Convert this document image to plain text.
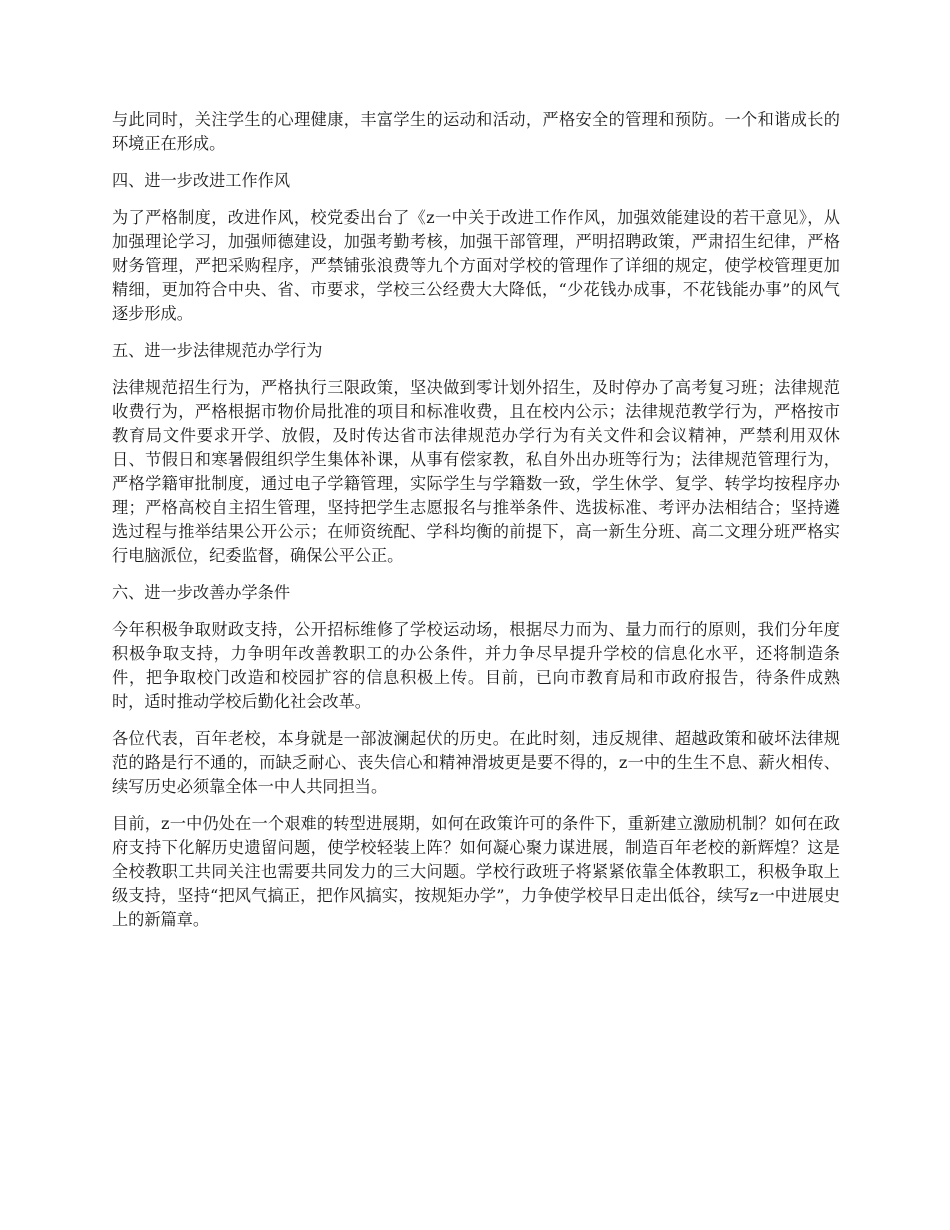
与此同时，关注学生的心理健康，丰富学生的运动和活动，严格安全的管理和预防。一个和谐成长的环境正在形成。

四、进一步改进工作作风

为了严格制度，改进作风，校党委出台了《z一中关于改进工作作风，加强效能建设的若干意见》，从加强理论学习，加强师德建设，加强考勤考核，加强干部管理，严明招聘政策，严肃招生纪律，严格财务管理，严把采购程序，严禁铺张浪费等九个方面对学校的管理作了详细的规定，使学校管理更加精细，更加符合中央、省、市要求，学校三公经费大大降低，“少花钱办成事，不花钱能办事”的风气逐步形成。

五、进一步法律规范办学行为

法律规范招生行为，严格执行三限政策，坚决做到零计划外招生，及时停办了高考复习班；法律规范收费行为，严格根据市物价局批准的项目和标准收费，且在校内公示；法律规范教学行为，严格按市教育局文件要求开学、放假，及时传达省市法律规范办学行为有关文件和会议精神，严禁利用双休日、节假日和寒暑假组织学生集体补课，从事有偿家教，私自外出办班等行为；法律规范管理行为，严格学籍审批制度，通过电子学籍管理，实际学生与学籍数一致，学生休学、复学、转学均按程序办理；严格高校自主招生管理，坚持把学生志愿报名与推举条件、选拔标准、考评办法相结合；坚持遴选过程与推举结果公开公示；在师资统配、学科均衡的前提下，高一新生分班、高二文理分班严格实行电脑派位，纪委监督，确保公平公正。

六、进一步改善办学条件

今年积极争取财政支持，公开招标维修了学校运动场，根据尽力而为、量力而行的原则，我们分年度积极争取支持，力争明年改善教职工的办公条件，并力争尽早提升学校的信息化水平，还将制造条件，把争取校门改造和校园扩容的信息积极上传。目前，已向市教育局和市政府报告，待条件成熟时，适时推动学校后勤化社会改革。

各位代表，百年老校，本身就是一部波澜起伏的历史。在此时刻，违反规律、超越政策和破坏法律规范的路是行不通的，而缺乏耐心、丧失信心和精神滑坡更是要不得的，z一中的生生不息、薪火相传、续写历史必须靠全体一中人共同担当。

目前，z一中仍处在一个艰难的转型进展期，如何在政策许可的条件下，重新建立激励机制？如何在政府支持下化解历史遗留问题，使学校轻装上阵？如何凝心聚力谋进展，制造百年老校的新辉煌？这是全校教职工共同关注也需要共同发力的三大问题。学校行政班子将紧紧依靠全体教职工，积极争取上级支持，坚持“把风气搞正，把作风搞实，按规矩办学”，力争使学校早日走出低谷，续写z一中进展史上的新篇章。
